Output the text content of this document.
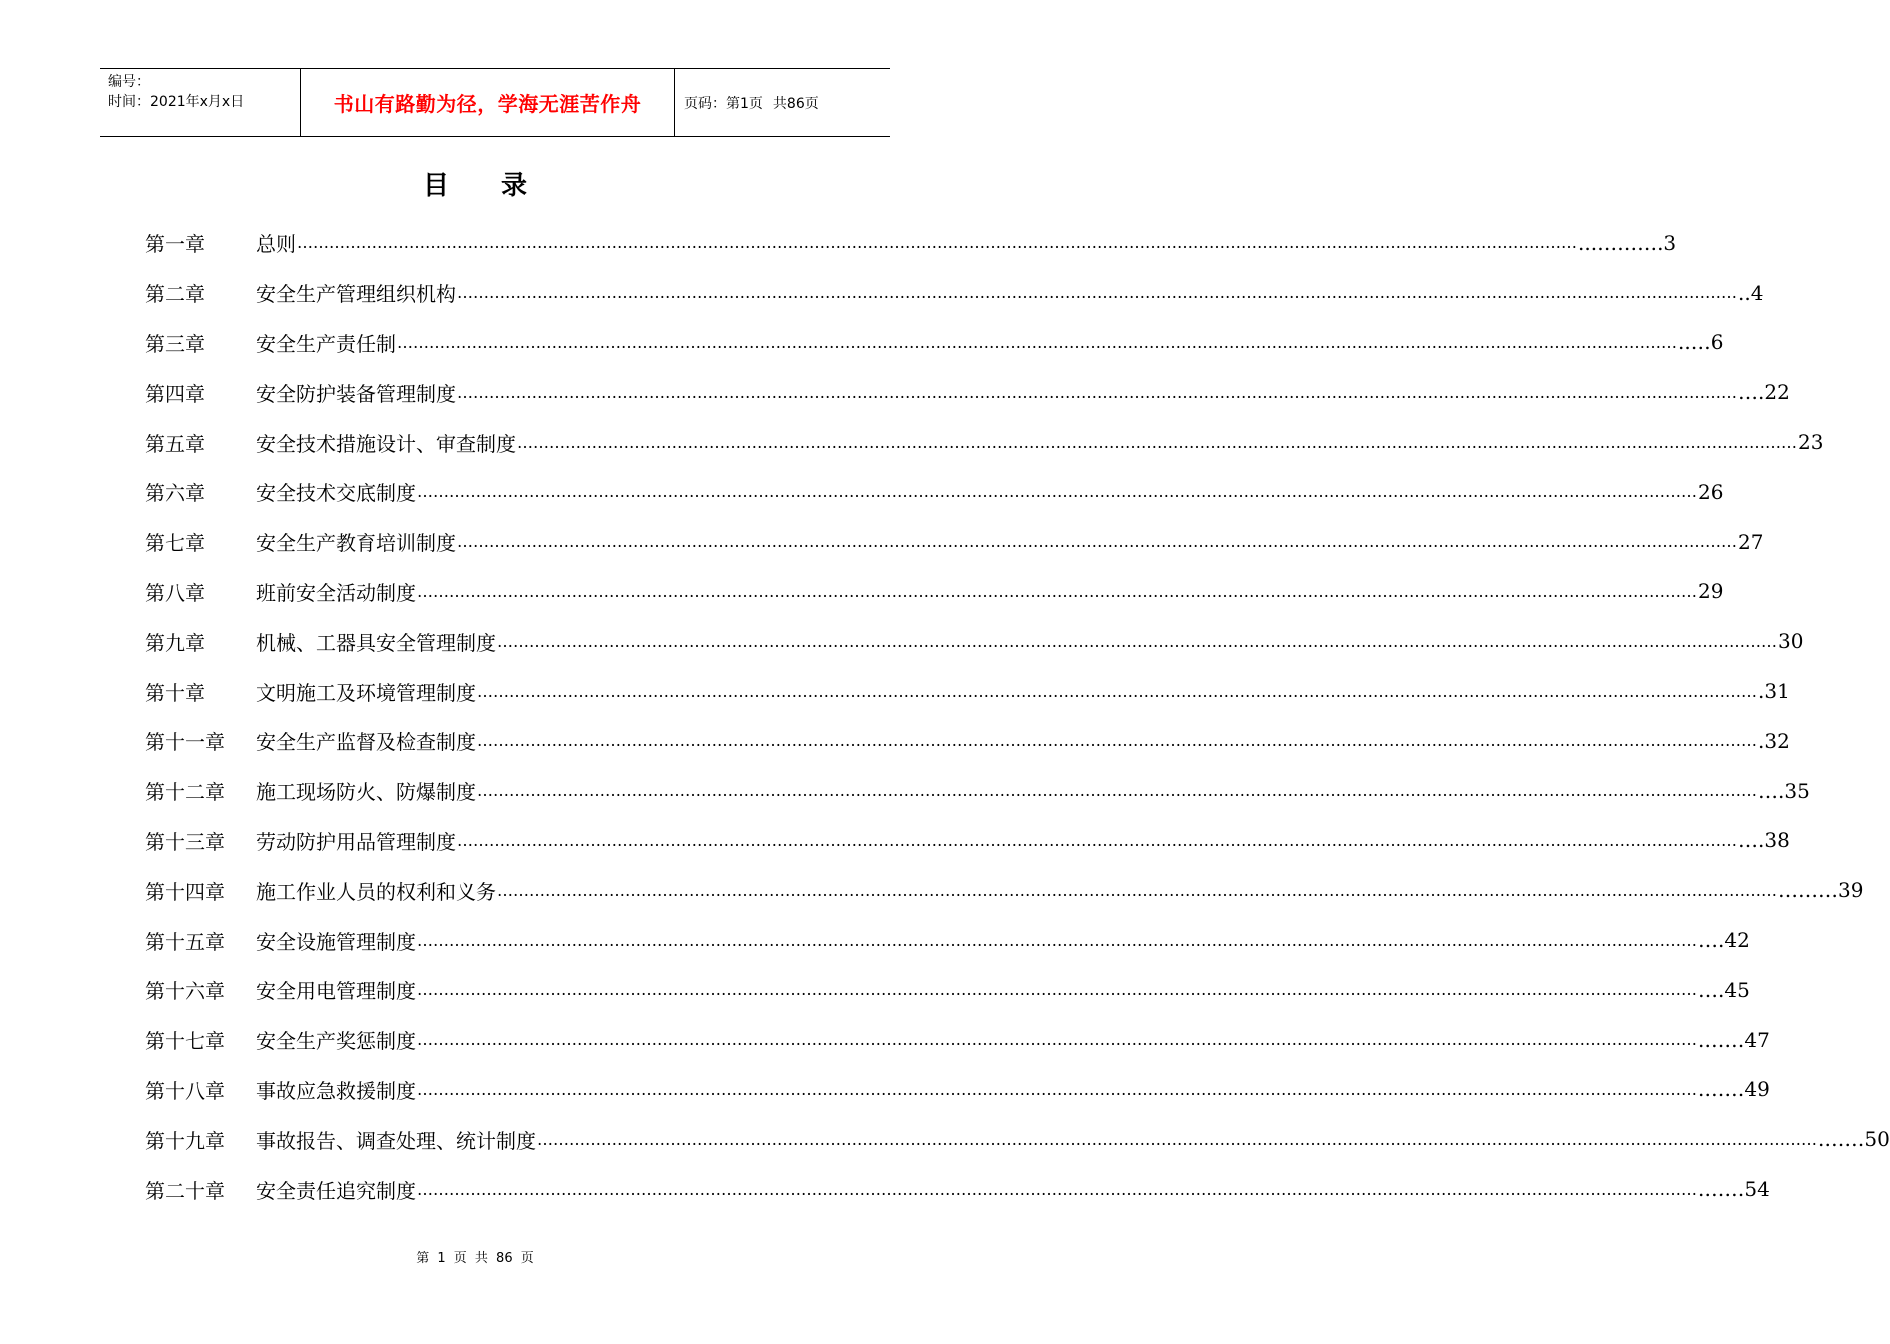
编号：
时间：2021年x月x日	书山有路勤为径，学海无涯苦作舟	页码：第1页 共86页
目 录
第一章	总则 …………………………………………………………………………………………………………………………………………………………………………………………………………………… ...……….3
第二章	安全生产管理组织机构 …………………………………………………………………………………………………………………………………………………………………………………………………………………… ..4
第三章	安全生产责任制 …………………………………………………………………………………………………………………………………………………………………………………………………………………… ..…6
第四章	安全防护装备管理制度 …………………………………………………………………………………………………………………………………………………………………………………………………………………… ….22
第五章	安全技术措施设计、审查制度 …………………………………………………………………………………………………………………………………………………………………………………………………………………… 23
第六章	安全技术交底制度 …………………………………………………………………………………………………………………………………………………………………………………………………………………… 26
第七章	安全生产教育培训制度 …………………………………………………………………………………………………………………………………………………………………………………………………………………… 27
第八章	班前安全活动制度 …………………………………………………………………………………………………………………………………………………………………………………………………………………… 29
第九章	机械、工器具安全管理制度 …………………………………………………………………………………………………………………………………………………………………………………………………………………… 30
第十章	文明施工及环境管理制度 …………………………………………………………………………………………………………………………………………………………………………………………………………………… .31
第十一章	安全生产监督及检查制度 …………………………………………………………………………………………………………………………………………………………………………………………………………………… .32
第十二章	施工现场防火、防爆制度 …………………………………………………………………………………………………………………………………………………………………………………………………………………… ….35
第十三章	劳动防护用品管理制度 …………………………………………………………………………………………………………………………………………………………………………………………………………………… ….38
第十四章	施工作业人员的权利和义务 …………………………………………………………………………………………………………………………………………………………………………………………………………………… ………39
第十五章	安全设施管理制度 …………………………………………………………………………………………………………………………………………………………………………………………………………………… ….42
第十六章	安全用电管理制度 …………………………………………………………………………………………………………………………………………………………………………………………………………………… ….45
第十七章	安全生产奖惩制度 …………………………………………………………………………………………………………………………………………………………………………………………………………………… .……47
第十八章	事故应急救援制度 …………………………………………………………………………………………………………………………………………………………………………………………………………………… .……49
第十九章	事故报告、调查处理、统计制度 …………………………………………………………………………………………………………………………………………………………………………………………………………………… .……50
第二十章	安全责任追究制度 …………………………………………………………………………………………………………………………………………………………………………………………………………………… .……54
第 1 页 共 86 页
